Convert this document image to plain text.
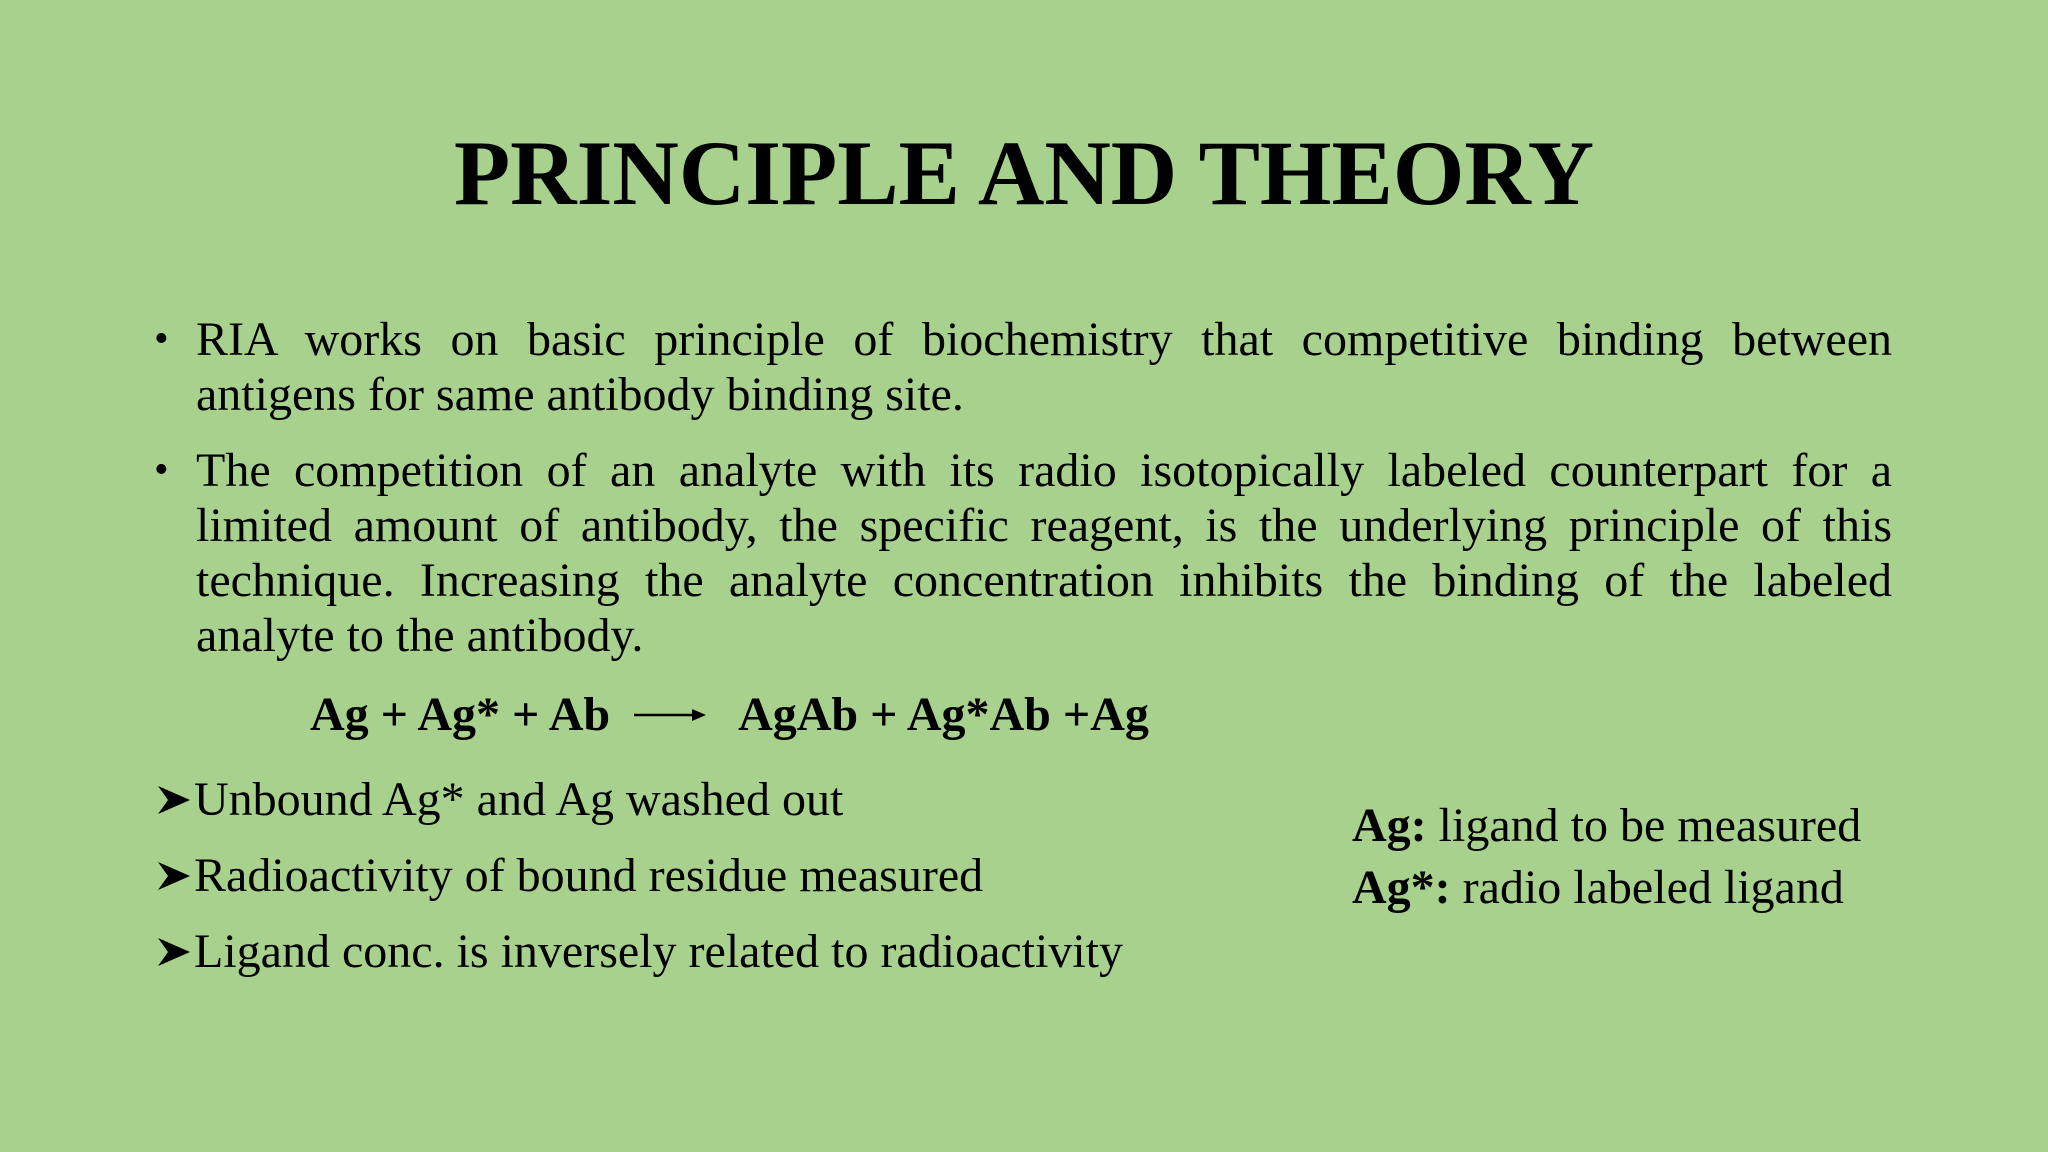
PRINCIPLE AND THEORY
• RIA works on basic principle of biochemistry that competitive binding between antigens for same antibody binding site.
• The competition of an analyte with its radio isotopically labeled counterpart for a limited amount of antibody, the specific reagent, is the underlying principle of this technique. Increasing the analyte concentration inhibits the binding of the labeled analyte to the antibody.
Ag + Ag* + Ab → AgAb + Ag*Ab +Ag
Unbound Ag* and Ag washed out
Radioactivity of bound residue measured
Ligand conc. is inversely related to radioactivity
Ag: ligand to be measured
Ag*: radio labeled ligand
